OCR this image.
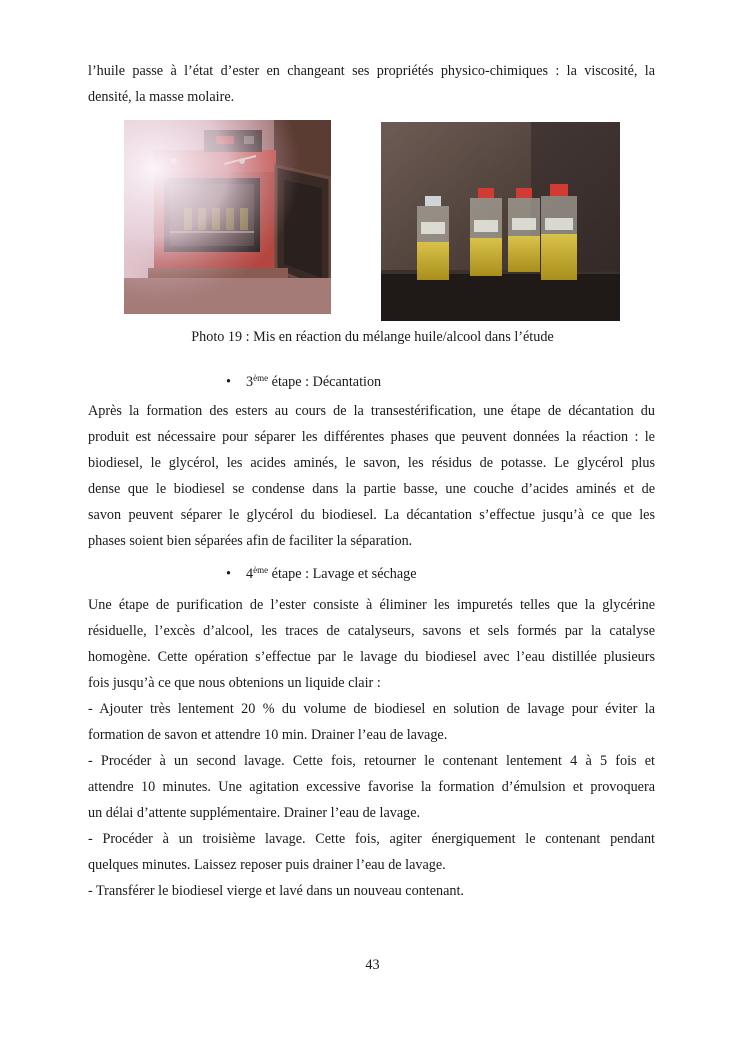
l’huile passe à l’état d’ester en changeant ses propriétés physico-chimiques : la viscosité, la
densité, la masse molaire.
Photo 19 : Mis en réaction du mélange huile/alcool dans l’étude
• 3ème étape : Décantation
Après la formation des esters au cours de la transestérification, une étape de décantation du
produit est nécessaire pour séparer les différentes phases que peuvent données la réaction : le
biodiesel, le glycérol, les acides aminés, le savon, les résidus de potasse. Le glycérol plus
dense que le biodiesel se condense dans la partie basse, une couche d’acides aminés et de
savon peuvent séparer le glycérol du biodiesel. La décantation s’effectue jusqu’à ce que les
phases soient bien séparées afin de faciliter la séparation.
• 4ème étape : Lavage et séchage
Une étape de purification de l’ester consiste à éliminer les impuretés telles que la glycérine
résiduelle, l’excès d’alcool, les traces de catalyseurs, savons et sels formés par la catalyse
homogène. Cette opération s’effectue par le lavage du biodiesel avec l’eau distillée plusieurs
fois jusqu’à ce que nous obtenions un liquide clair :
- Ajouter très lentement 20 % du volume de biodiesel en solution de lavage pour éviter la
formation de savon et attendre 10 min. Drainer l’eau de lavage.
- Procéder à un second lavage. Cette fois, retourner le contenant lentement 4 à 5 fois et
attendre 10 minutes. Une agitation excessive favorise la formation d’émulsion et provoquera
un délai d’attente supplémentaire. Drainer l’eau de lavage.
- Procéder à un troisième lavage. Cette fois, agiter énergiquement le contenant pendant
quelques minutes. Laissez reposer puis drainer l’eau de lavage.
- Transférer le biodiesel vierge et lavé dans un nouveau contenant.
43
